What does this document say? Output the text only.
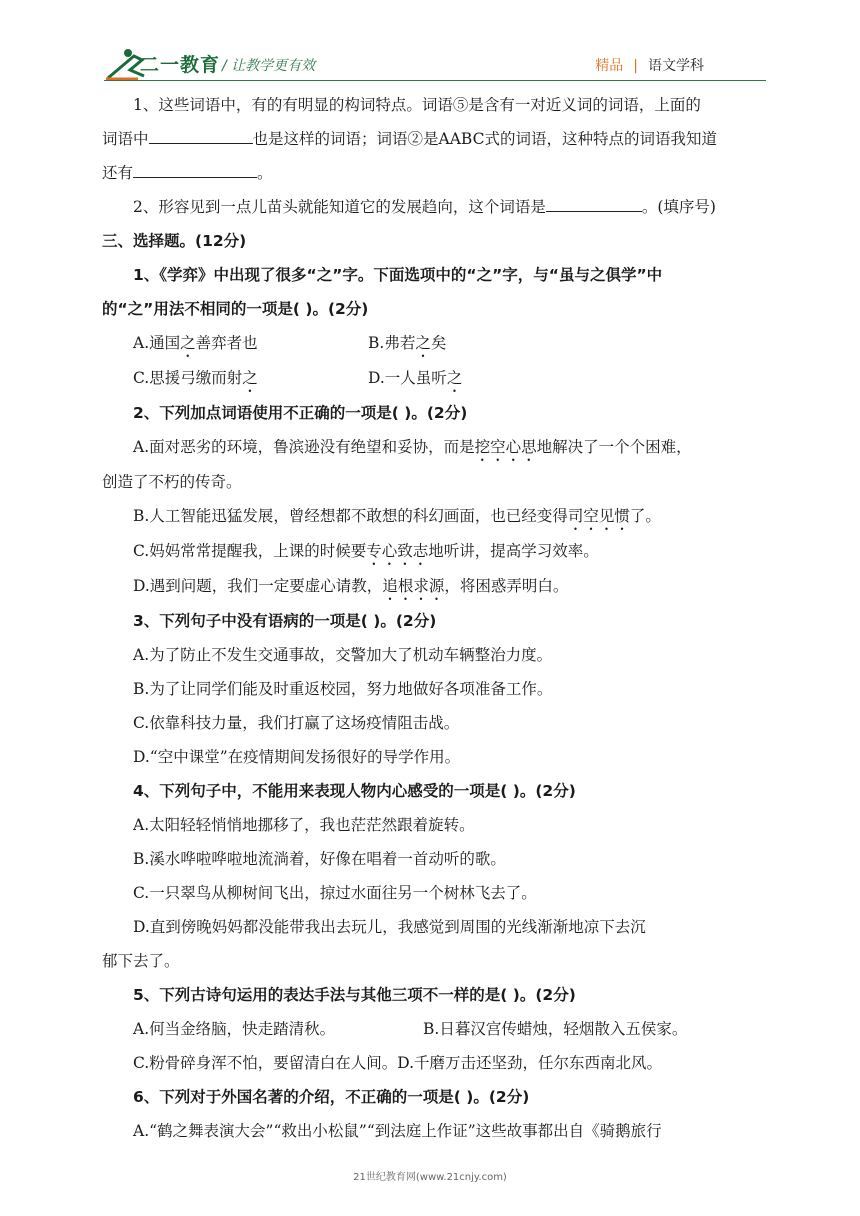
二一教育 / 让教学更有效	精品 | 语文学科

1、这些词语中，有的有明显的构词特点。词语⑤是含有一对近义词的词语，上面的

词语中	也是这样的词语；词语②是AABC式的词语，这种特点的词语我知道

还有	。

2、形容见到一点儿苗头就能知道它的发展趋向，这个词语是	。(填序号)

三、选择题。(12分)

1、《学弈》中出现了很多“之”字。下面选项中的“之”字，与“虽与之俱学”中

的“之”用法不相同的一项是( )。(2分)

A.通国之善弈者也	B.弗若之矣
C.思援弓缴而射之	D.一人虽听之

2、下列加点词语使用不正确的一项是( )。(2分)

A.面对恶劣的环境，鲁滨逊没有绝望和妥协，而是挖空心思地解决了一个个困难，

创造了不朽的传奇。

B.人工智能迅猛发展，曾经想都不敢想的科幻画面，也已经变得司空见惯了。

C.妈妈常常提醒我，上课的时候要专心致志地听讲，提高学习效率。

D.遇到问题，我们一定要虚心请教，追根求源，将困惑弄明白。

3、下列句子中没有语病的一项是( )。(2分)

A.为了防止不发生交通事故，交警加大了机动车辆整治力度。

B.为了让同学们能及时重返校园，努力地做好各项准备工作。

C.依靠科技力量，我们打赢了这场疫情阻击战。

D.“空中课堂”在疫情期间发扬很好的导学作用。

4、下列句子中，不能用来表现人物内心感受的一项是( )。(2分)

A.太阳轻轻悄悄地挪移了，我也茫茫然跟着旋转。

B.溪水哗啦哗啦地流淌着，好像在唱着一首动听的歌。

C.一只翠鸟从柳树间飞出，掠过水面往另一个树林飞去了。

D.直到傍晚妈妈都没能带我出去玩儿，我感觉到周围的光线渐渐地凉下去沉

郁下去了。

5、下列古诗句运用的表达手法与其他三项不一样的是( )。(2分)

A.何当金络脑，快走踏清秋。	B.日暮汉宫传蜡烛，轻烟散入五侯家。
C.粉骨碎身浑不怕，要留清白在人间。 D.千磨万击还坚劲，任尔东西南北风。

6、下列对于外国名著的介绍，不正确的一项是( )。(2分)

A.“鹤之舞表演大会”“救出小松鼠”“到法庭上作证”这些故事都出自《骑鹅旅行

21世纪教育网(www.21cnjy.com)
